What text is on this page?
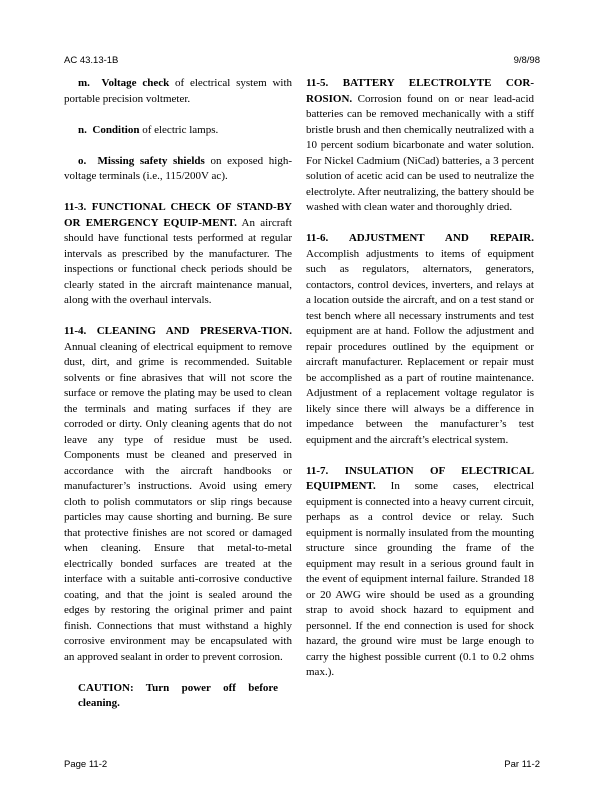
AC 43.13-1B	9/8/98

m. Voltage check of electrical system with portable precision voltmeter.

n. Condition of electric lamps.

o. Missing safety shields on exposed high-voltage terminals (i.e., 115/200V ac).

11-3. FUNCTIONAL CHECK OF STAND-BY OR EMERGENCY EQUIP-MENT. An aircraft should have functional tests performed at regular intervals as prescribed by the manufacturer. The inspections or functional check periods should be clearly stated in the aircraft maintenance manual, along with the overhaul intervals.

11-4. CLEANING AND PRESERVA-TION. Annual cleaning of electrical equipment to remove dust, dirt, and grime is recommended. Suitable solvents or fine abrasives that will not score the surface or remove the plating may be used to clean the terminals and mating surfaces if they are corroded or dirty. Only cleaning agents that do not leave any type of residue must be used. Components must be cleaned and preserved in accordance with the aircraft handbooks or manufacturer’s instructions. Avoid using emery cloth to polish commutators or slip rings because particles may cause shorting and burning. Be sure that protective finishes are not scored or damaged when cleaning. Ensure that metal-to-metal electrically bonded surfaces are treated at the interface with a suitable anti-corrosive conductive coating, and that the joint is sealed around the edges by restoring the original primer and paint finish. Connections that must withstand a highly corrosive environment may be encapsulated with an approved sealant in order to prevent corrosion.

CAUTION: Turn power off before cleaning.

11-5. BATTERY ELECTROLYTE COR-ROSION. Corrosion found on or near lead-acid batteries can be removed mechanically with a stiff bristle brush and then chemically neutralized with a 10 percent sodium bicarbonate and water solution. For Nickel Cadmium (NiCad) batteries, a 3 percent solution of acetic acid can be used to neutralize the electrolyte. After neutralizing, the battery should be washed with clean water and thoroughly dried.

11-6. ADJUSTMENT AND REPAIR. Accomplish adjustments to items of equipment such as regulators, alternators, generators, contactors, control devices, inverters, and relays at a location outside the aircraft, and on a test stand or test bench where all necessary instruments and test equipment are at hand. Follow the adjustment and repair procedures outlined by the equipment or aircraft manufacturer. Replacement or repair must be accomplished as a part of routine maintenance. Adjustment of a replacement voltage regulator is likely since there will always be a difference in impedance between the manufacturer’s test equipment and the aircraft’s electrical system.

11-7. INSULATION OF ELECTRICAL EQUIPMENT. In some cases, electrical equipment is connected into a heavy current circuit, perhaps as a control device or relay. Such equipment is normally insulated from the mounting structure since grounding the frame of the equipment may result in a serious ground fault in the event of equipment internal failure. Stranded 18 or 20 AWG wire should be used as a grounding strap to avoid shock hazard to equipment and personnel. If the end connection is used for shock hazard, the ground wire must be large enough to carry the highest possible current (0.1 to 0.2 ohms max.).

Page 11-2	Par 11-2
